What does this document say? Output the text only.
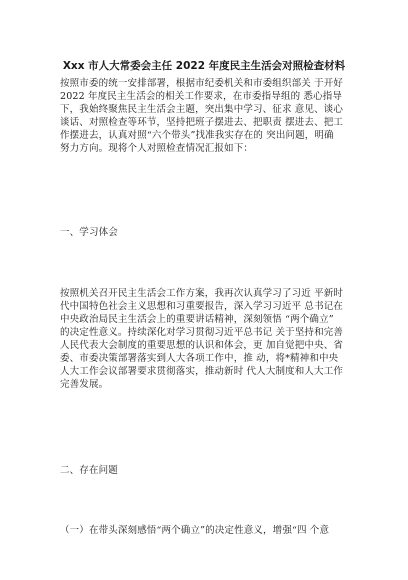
Xxx 市人大常委会主任 2022 年度民主生活会对照检查材料
按照市委的统一安排部署，根据市纪委机关和市委组织部关 于开好
2022 年度民主生活会的相关工作要求，在市委指导组的 悉心指导
下，我始终聚焦民主生活会主题，突出集中学习、征求 意见、谈心
谈话、对照检查等环节，坚持把班子摆进去、把职责 摆进去、把工
作摆进去，认真对照“六个带头”找准我实存在的 突出问题，明确
努力方向。现将个人对照检查情况汇报如下：
一、学习体会
按照机关召开民主生活会工作方案，我再次认真学习了习近 平新时
代中国特色社会主义思想和习重要报告，深入学习习近平 总书记在
中央政治局民主生活会上的重要讲话精神，深刻领悟 “两个确立”
的决定性意义。持续深化对学习贯彻习近平总书记 关于坚持和完善
人民代表大会制度的重要思想的认识和体会，更 加自觉把中央、省
委、市委决策部署落实到人大各项工作中，推 动，将*精神和中央
人大工作会议部署要求贯彻落实，推动新时 代人大制度和人大工作
完善发展。
二、存在问题
（一）在带头深刻感悟“两个确立”的决定性意义，增强“四 个意
